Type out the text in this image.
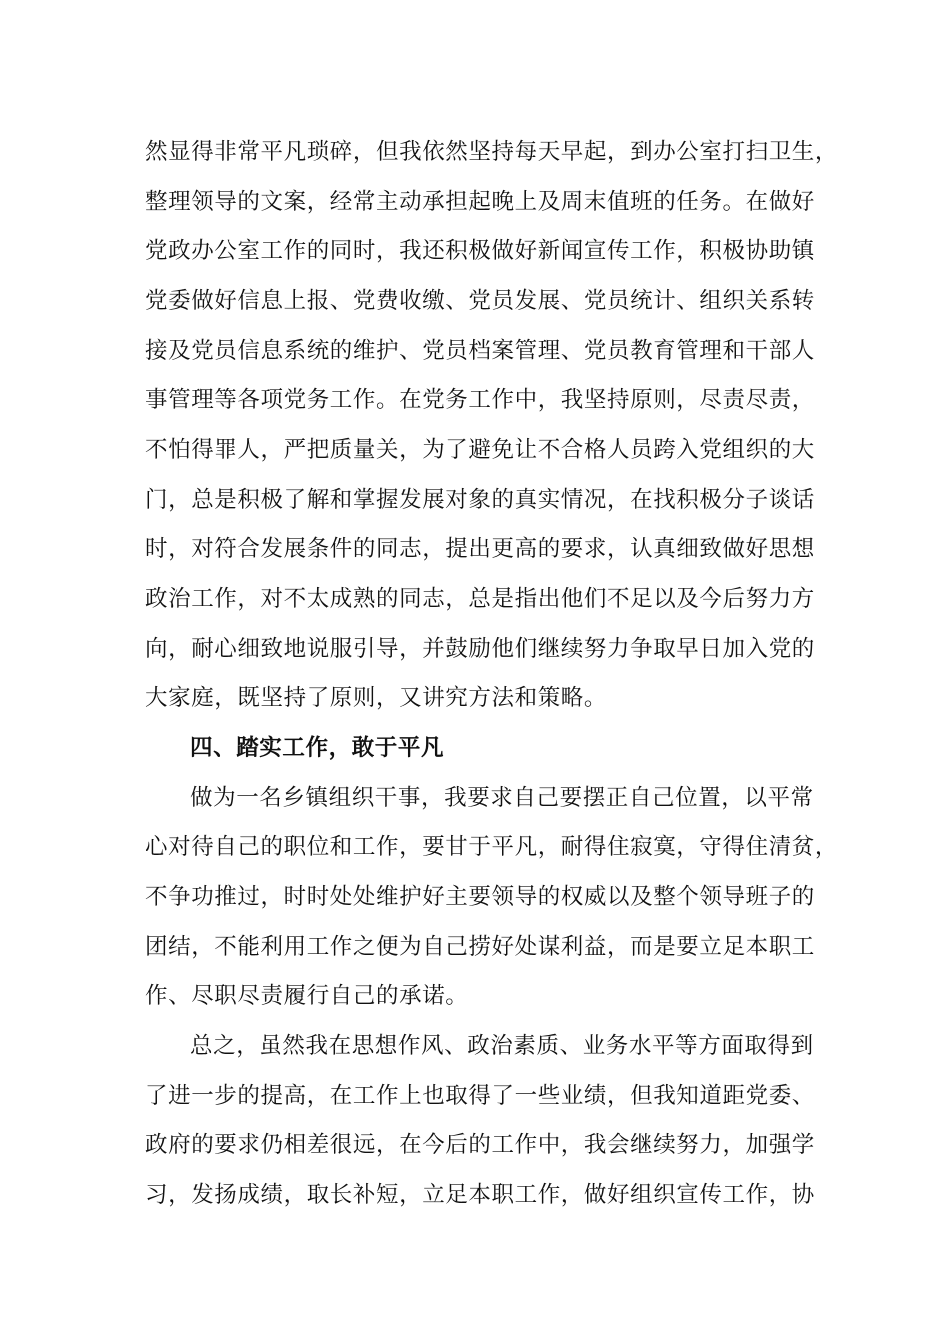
然显得非常平凡琐碎，但我依然坚持每天早起，到办公室打扫卫生，
整理领导的文案，经常主动承担起晚上及周末值班的任务。在做好
党政办公室工作的同时，我还积极做好新闻宣传工作，积极协助镇
党委做好信息上报、党费收缴、党员发展、党员统计、组织关系转
接及党员信息系统的维护、党员档案管理、党员教育管理和干部人
事管理等各项党务工作。在党务工作中，我坚持原则，尽责尽责，
不怕得罪人，严把质量关，为了避免让不合格人员跨入党组织的大
门，总是积极了解和掌握发展对象的真实情况，在找积极分子谈话
时，对符合发展条件的同志，提出更高的要求，认真细致做好思想
政治工作，对不太成熟的同志，总是指出他们不足以及今后努力方
向，耐心细致地说服引导，并鼓励他们继续努力争取早日加入党的
大家庭，既坚持了原则，又讲究方法和策略。
四、踏实工作，敢于平凡
做为一名乡镇组织干事，我要求自己要摆正自己位置，以平常
心对待自己的职位和工作，要甘于平凡，耐得住寂寞，守得住清贫，
不争功推过，时时处处维护好主要领导的权威以及整个领导班子的
团结，不能利用工作之便为自己捞好处谋利益，而是要立足本职工
作、尽职尽责履行自己的承诺。
总之，虽然我在思想作风、政治素质、业务水平等方面取得到
了进一步的提高，在工作上也取得了一些业绩，但我知道距党委、
政府的要求仍相差很远，在今后的工作中，我会继续努力，加强学
习，发扬成绩，取长补短，立足本职工作，做好组织宣传工作，协
